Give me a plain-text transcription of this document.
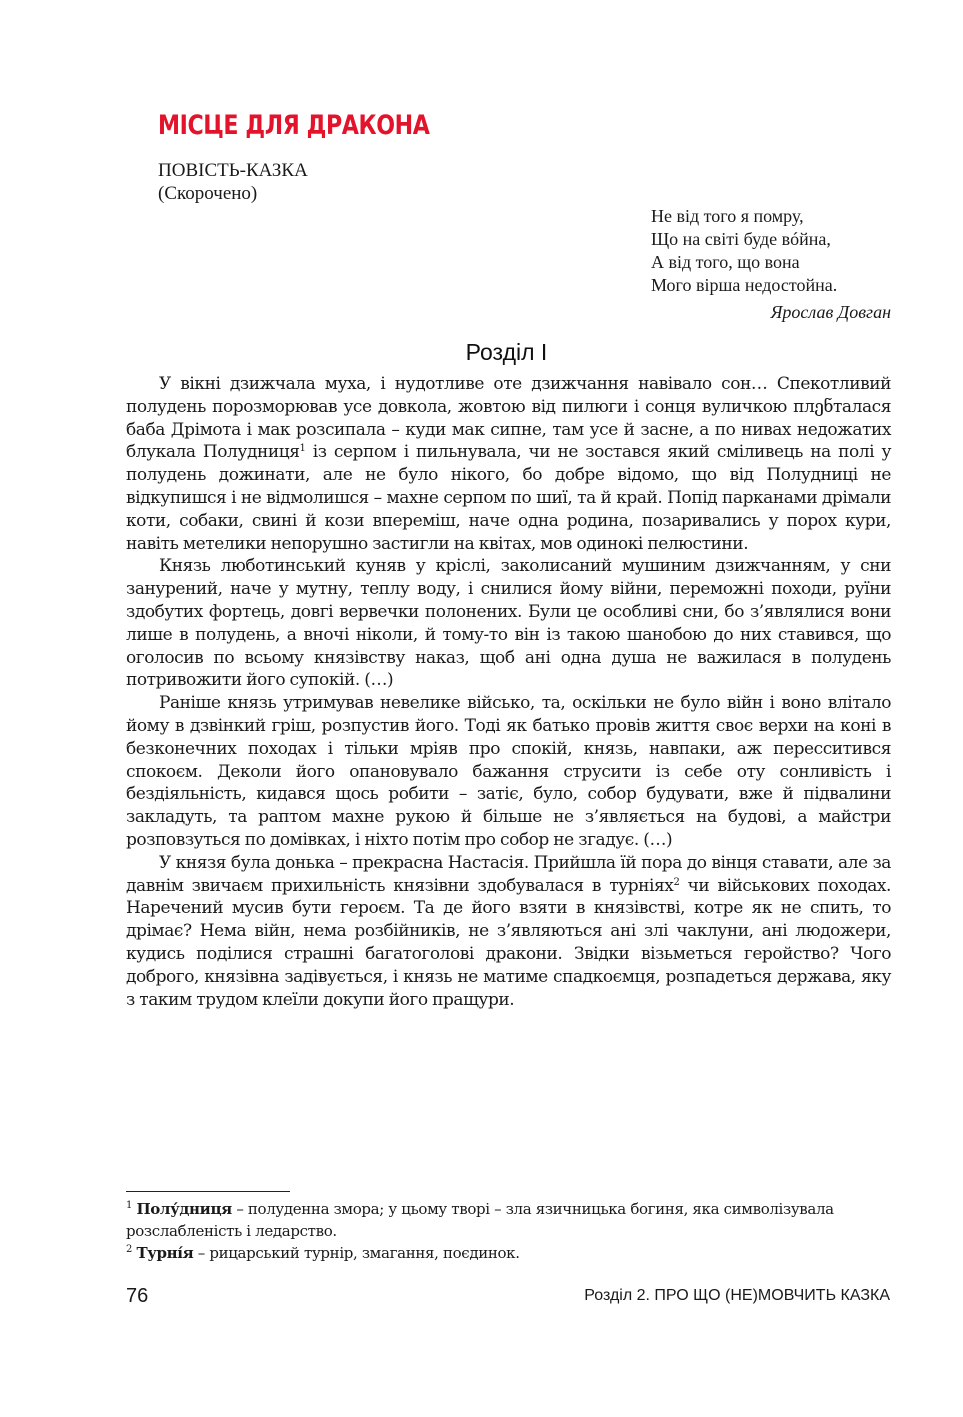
МІСЦЕ ДЛЯ ДРАКОНА

ПОВІСТЬ-КАЗКА

(Скорочено)

Не від того я помру,
Що на світі буде вóйна,
А від того, що вона
Мого вірша недостойна.
Ярослав Довган
Розділ І

У вікні дзижчала муха, і нудотливе оте дзижчання навівало сон… Спекотливий полудень порозморював усе довкола, жовтою від пилюги і сонця вуличкою плენталася баба Дрімота і мак розсипала – куди мак сипне, там усе й засне, а по нивах недожатих блукала Полудниця$^1$ із серпом і пильнувала, чи не зостався який сміливець на полі у полудень дожинати, але не було нікого, бо добре відомо, що від Полудниці не відкупишся і не відмолишся – махне серпом по шиї, та й край. Попід парканами дрімали коти, собаки, свині й кози впереміш, наче одна родина, позаривались у порох кури, навіть метелики непорушно застигли на квітах, мов одинокі пелюстини.

Князь люботинський куняв у кріслі, заколисаний мушиним дзижчанням, у сни занурений, наче у мутну, теплу воду, і снилися йому війни, переможні походи, руїни здобутих фортець, довгі вервечки полонених. Були це особливі сни, бо з’являлися вони лише в полудень, а вночі ніколи, й тому-то він із такою шанобою до них ставився, що оголосив по всьому князівству наказ, щоб ані одна душа не важилася в полудень потривожити його супокій. (…)

Раніше князь утримував невелике військо, та, оскільки не було війн і воно влітало йому в дзвінкий гріш, розпустив його. Тоді як батько провів життя своє верхи на коні в безконечних походах і тільки мріяв про спокій, князь, навпаки, аж пересситився спокоєм. Деколи його опановувало бажання струсити із себе оту сонливість і бездіяльність, кидався щось робити – затіє, було, собор будувати, вже й підвалини закладуть, та раптом махне рукою й більше не з’являється на будові, а майстри розповзуться по домівках, і ніхто потім про собор не згадує. (…)

У князя була донька – прекрасна Настасія. Прийшла їй пора до вінця ставати, але за давнім звичаєм прихильність князівни здобувалася в турніях$^2$ чи військових походах. Наречений мусив бути героєм. Та де його взяти в князівстві, котре як не спить, то дрімає? Нема війн, нема розбійників, не з’являються ані злі чаклуни, ані людожери, кудись поділися страшні багатоголові дракони. Звідки візьметься геройство? Чого доброго, князівна задівується, і князь не матиме спадкоємця, розпадеться держава, яку з таким трудом клеїли докупи його пращури.

$^1$ Полу́дниця – полуденна змора; у цьому творі – зла язичницька богиня, яка символізувала розслабленість і ледарство.

$^2$ Турні́я – рицарський турнір, змагання, поєдинок.

76	Розділ 2. ПРО ЩО (НЕ)МОВЧИТЬ КАЗКА
